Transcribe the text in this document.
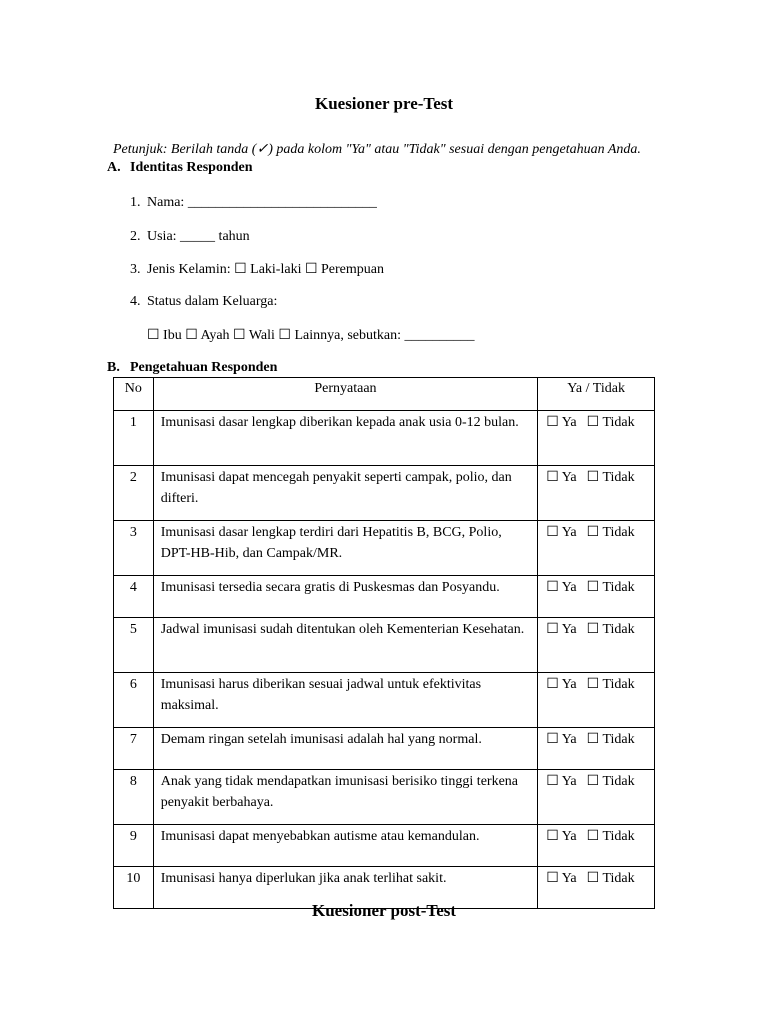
Kuesioner pre-Test
Petunjuk: Berilah tanda (✓) pada kolom "Ya" atau "Tidak" sesuai dengan pengetahuan Anda.
A. Identitas Responden
1. Nama: ___________________________
2. Usia: _____ tahun
3. Jenis Kelamin: ☐ Laki-laki ☐ Perempuan
4. Status dalam Keluarga:
☐ Ibu ☐ Ayah ☐ Wali ☐ Lainnya, sebutkan: __________
B. Pengetahuan Responden
No	Pernyataan	Ya / Tidak
1	Imunisasi dasar lengkap diberikan kepada anak usia 0-12 bulan.	☐ Ya ☐ Tidak
2	Imunisasi dapat mencegah penyakit seperti campak, polio, dan difteri.	☐ Ya ☐ Tidak
3	Imunisasi dasar lengkap terdiri dari Hepatitis B, BCG, Polio, DPT-HB-Hib, dan Campak/MR.	☐ Ya ☐ Tidak
4	Imunisasi tersedia secara gratis di Puskesmas dan Posyandu.	☐ Ya ☐ Tidak
5	Jadwal imunisasi sudah ditentukan oleh Kementerian Kesehatan.	☐ Ya ☐ Tidak
6	Imunisasi harus diberikan sesuai jadwal untuk efektivitas maksimal.	☐ Ya ☐ Tidak
7	Demam ringan setelah imunisasi adalah hal yang normal.	☐ Ya ☐ Tidak
8	Anak yang tidak mendapatkan imunisasi berisiko tinggi terkena penyakit berbahaya.	☐ Ya ☐ Tidak
9	Imunisasi dapat menyebabkan autisme atau kemandulan.	☐ Ya ☐ Tidak
10	Imunisasi hanya diperlukan jika anak terlihat sakit.	☐ Ya ☐ Tidak
Kuesioner post-Test
